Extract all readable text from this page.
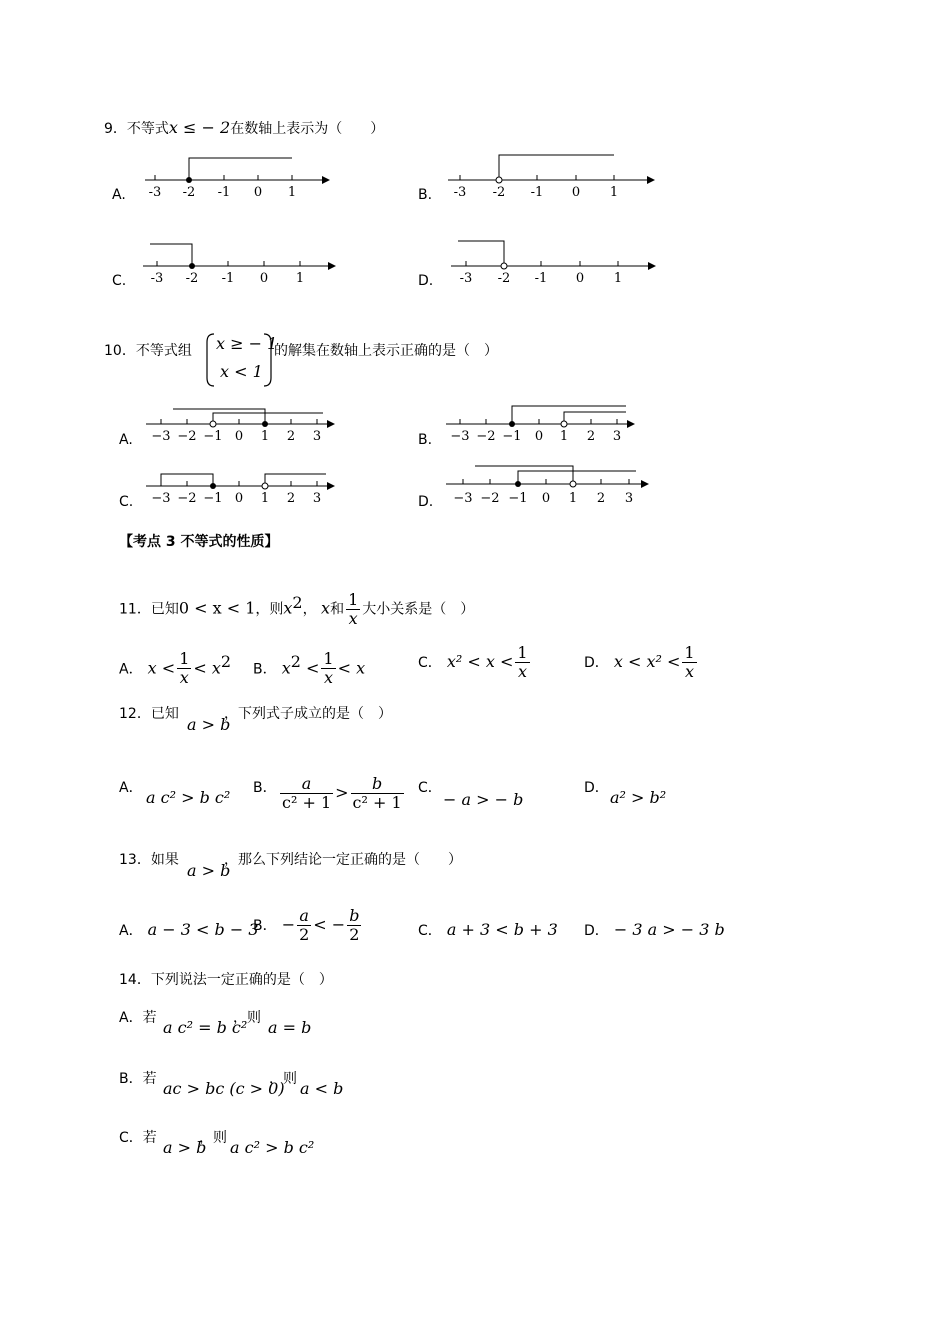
9．不等式x ≤ − 2在数轴上表示为（　　）
A. -3 -2 -1 0 1	B. -3 -2 -1 0 1
C. -3 -2 -1 0 1	D. -3 -2 -1 0 1
10．不等式组 x ≥ − 1
x < 1
的解集在数轴上表示正确的是（　）
A. −3 −2 −1 0 1 2 3	B. −3 −2 −1 0 1 2 3
C. −3 −2 −1 0 1 2 3	D. −3 −2 −1 0 1 2 3
【考点 3 不等式的性质】
11．已知0 < x < 1，则$x^2$， x和 $\frac{1}{x}$ 大小关系是（　）
A． $x < \frac{1}{x} < x^2$ B． $x^2 < \frac{1}{x} < x$	C． $x^2 < x < \frac{1}{x}$	D． $x < x^2 < \frac{1}{x}$
12．已知
a > b
，下列式子成立的是（　）
A． a c² > b c² B． $\frac{a}{\text{c² + 1}} > \frac{b}{\text{c² + 1}}$ C．
− a > − b
D． a² > b²
13．如果
a > b
，那么下列结论一定正确的是（　　）
A． a − 3 < b − 3
B． − $\frac{a}{2}$ < − $\frac{b}{2}$	C． a + 3 < b + 3 D． − 3 a > − 3 b
14．下列说法一定正确的是（　）
A．若 a c² = b c²
，则 a = b
B．若 ac > bc (c > 0)
，则 a < b
C．若 a > b
，则 a c² > b c²
